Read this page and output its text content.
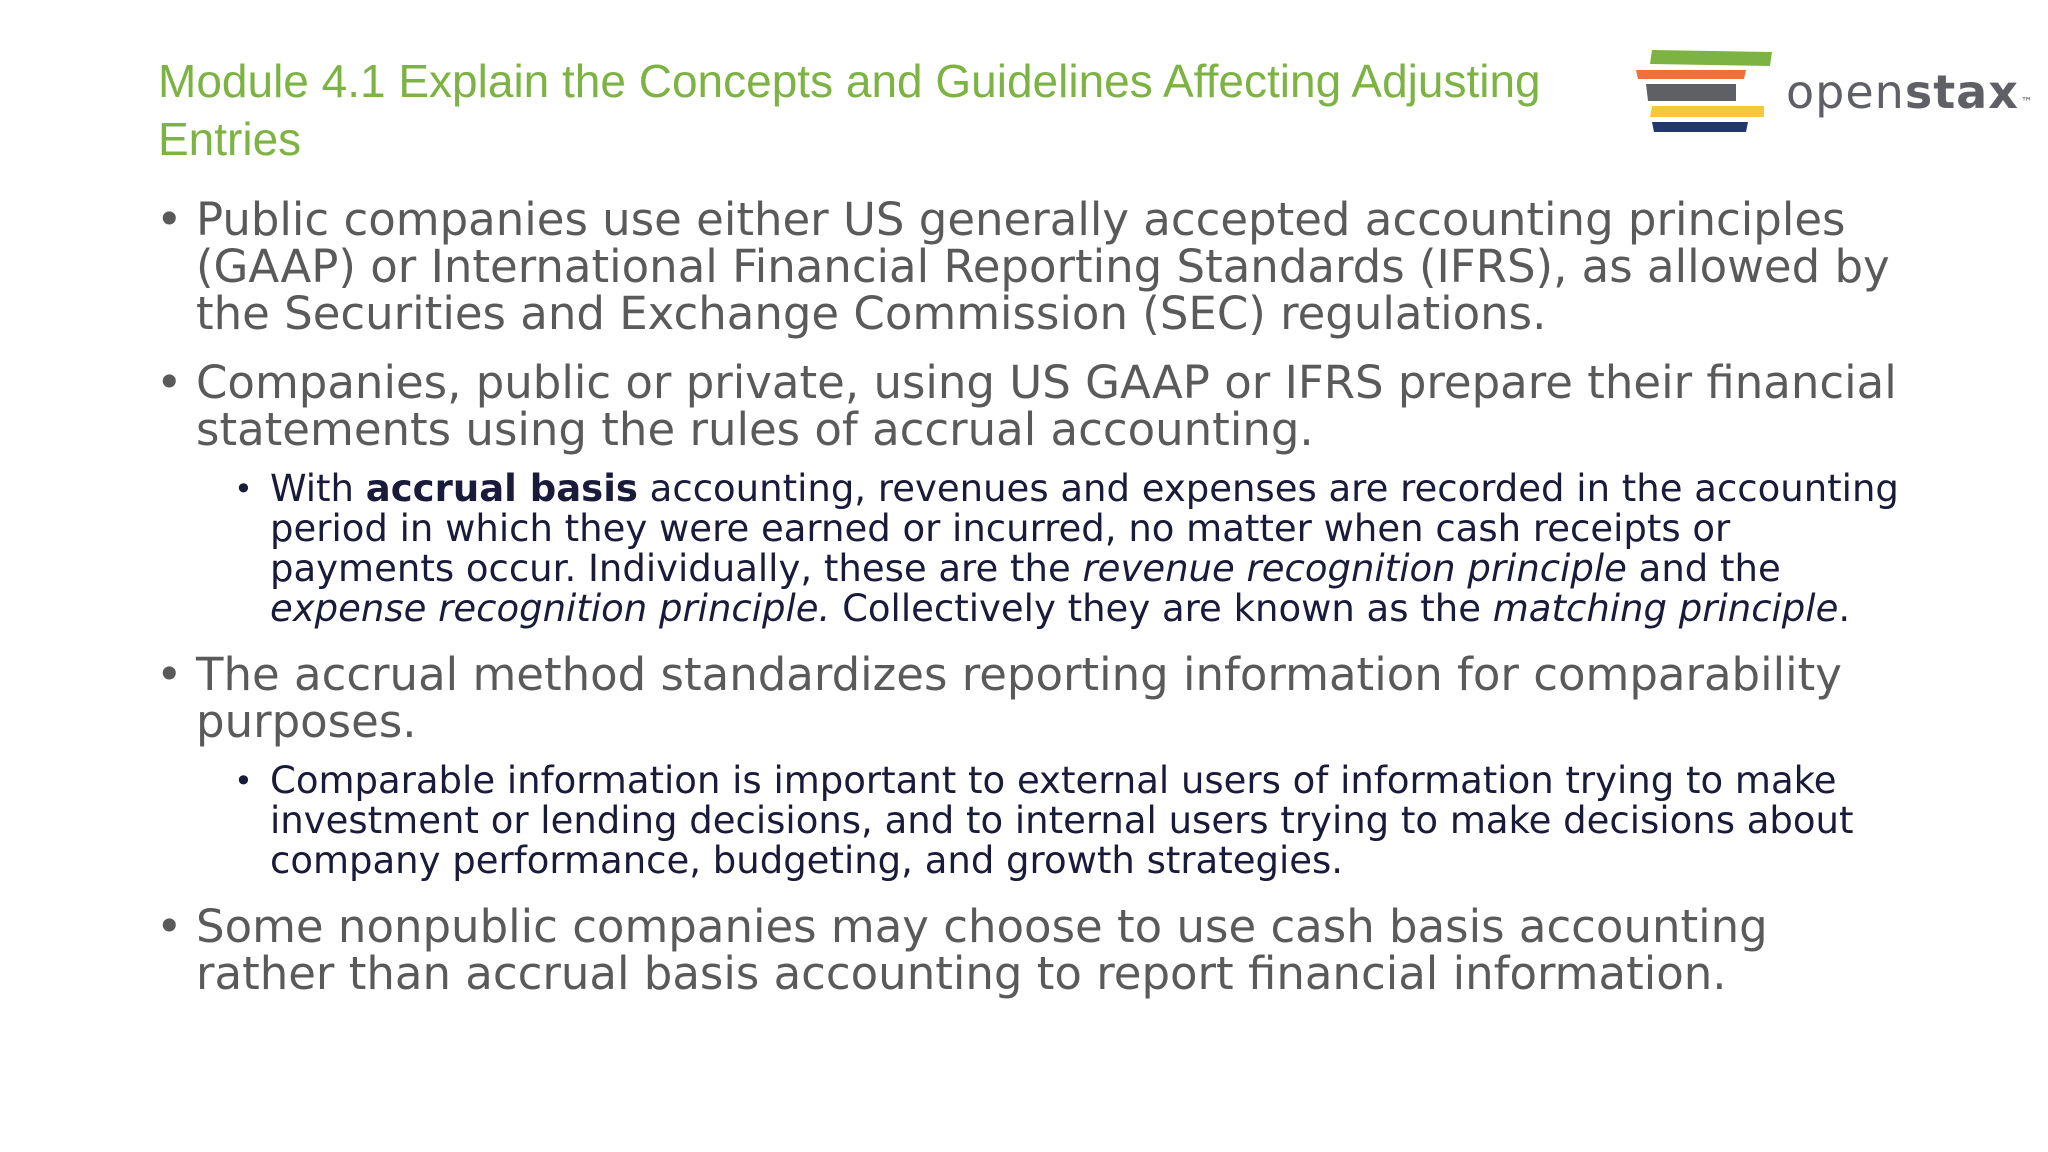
Module 4.1 Explain the Concepts and Guidelines Affecting Adjusting Entries
openstax ™
• Public companies use either US generally accepted accounting principles (GAAP) or International Financial Reporting Standards (IFRS), as allowed by the Securities and Exchange Commission (SEC) regulations.
• Companies, public or private, using US GAAP or IFRS prepare their financial statements using the rules of accrual accounting.
• With accrual basis accounting, revenues and expenses are recorded in the accounting period in which they were earned or incurred, no matter when cash receipts or payments occur. Individually, these are the revenue recognition principle and the expense recognition principle. Collectively they are known as the matching principle.
• The accrual method standardizes reporting information for comparability purposes.
• Comparable information is important to external users of information trying to make investment or lending decisions, and to internal users trying to make decisions about company performance, budgeting, and growth strategies.
• Some nonpublic companies may choose to use cash basis accounting rather than accrual basis accounting to report financial information.
